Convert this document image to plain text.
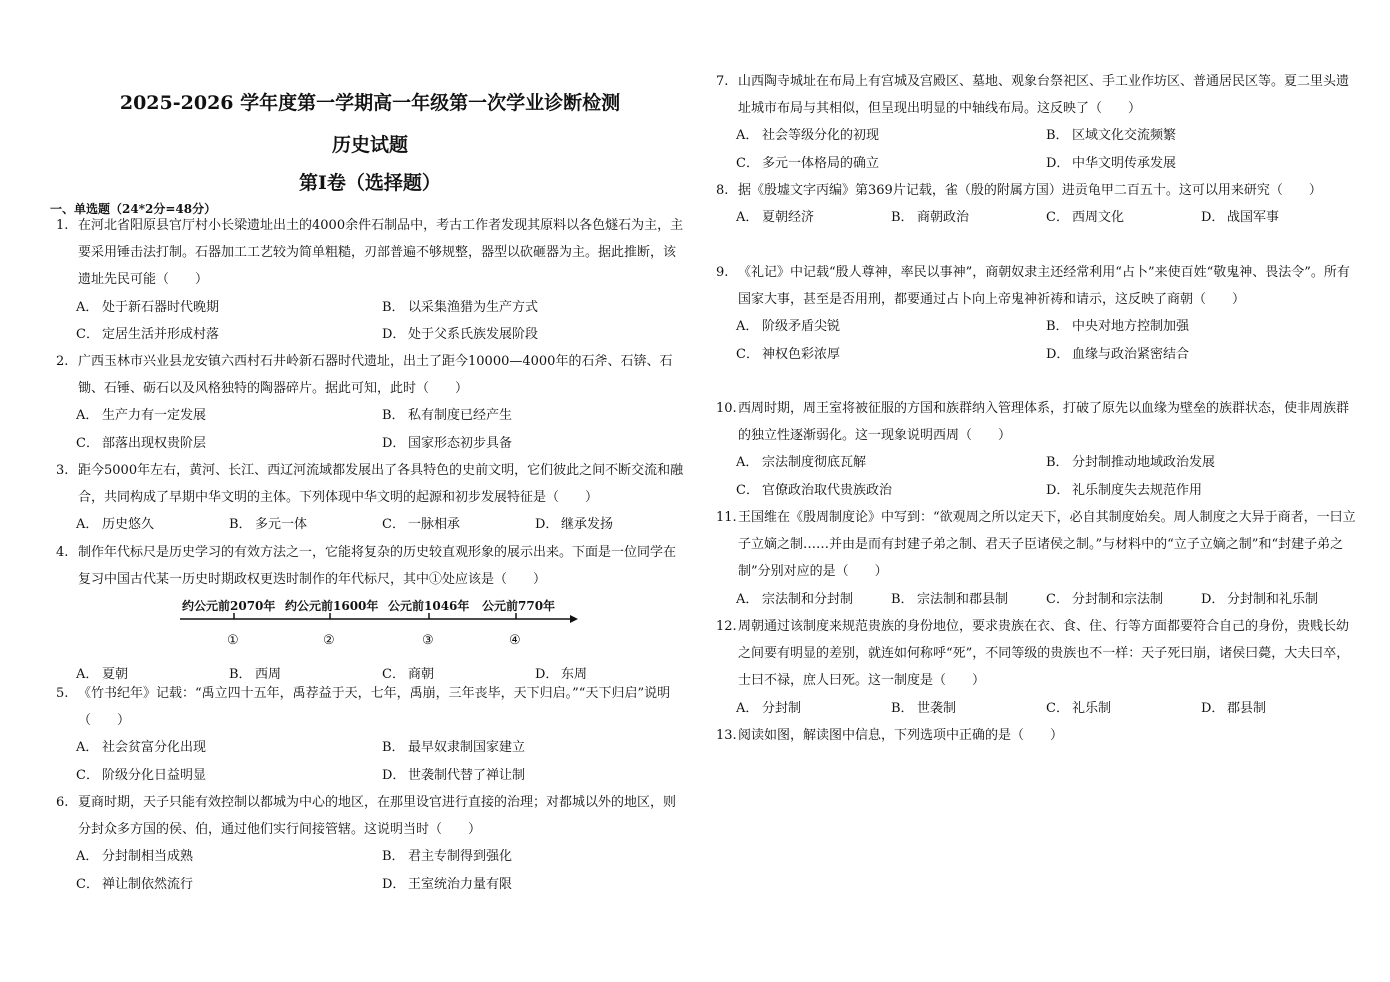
2025-2026 学年度第一学期高一年级第一次学业诊断检测
历史试题
第Ⅰ卷（选择题）
一、单选题（24*2分=48分）
1. 在河北省阳原县官厅村小长梁遗址出土的4000余件石制品中，考古工作者发现其原料以各色燧石为主，主要采用锤击法打制。石器加工工艺较为简单粗糙，刃部普遍不够规整，器型以砍砸器为主。据此推断，该遗址先民可能（　　）
A． 处于新石器时代晚期	B． 以采集渔猎为生产方式
C． 定居生活并形成村落	D． 处于父系氏族发展阶段
2. 广西玉林市兴业县龙安镇六西村石井岭新石器时代遗址，出土了距今10000—4000年的石斧、石锛、石锄、石锤、砺石以及风格独特的陶器碎片。据此可知，此时（　　）
A． 生产力有一定发展	B． 私有制度已经产生
C． 部落出现权贵阶层	D． 国家形态初步具备
3. 距今5000年左右，黄河、长江、西辽河流域都发展出了各具特色的史前文明，它们彼此之间不断交流和融合，共同构成了早期中华文明的主体。下列体现中华文明的起源和初步发展特征是（　　）
A． 历史悠久	B． 多元一体	C． 一脉相承	D． 继承发扬
4. 制作年代标尺是历史学习的有效方法之一，它能将复杂的历史较直观形象的展示出来。下面是一位同学在复习中国古代某一历史时期政权更迭时制作的年代标尺，其中①处应该是（　　）
约公元前2070年 约公元前1600年 公元前1046年 公元前770年
①	②	③	④
A． 夏朝	B． 西周	C． 商朝	D． 东周
5. 《竹书纪年》记载：“禹立四十五年，禹荐益于天，七年，禹崩，三年丧毕，天下归启。”“天下归启”说明（　　）
A． 社会贫富分化出现	B． 最早奴隶制国家建立
C． 阶级分化日益明显	D． 世袭制代替了禅让制
6. 夏商时期，天子只能有效控制以都城为中心的地区，在那里设官进行直接的治理；对都城以外的地区，则分封众多方国的侯、伯，通过他们实行间接管辖。这说明当时（　　）
A． 分封制相当成熟	B． 君主专制得到强化
C． 禅让制依然流行	D． 王室统治力量有限
7. 山西陶寺城址在布局上有宫城及宫殿区、墓地、观象台祭祀区、手工业作坊区、普通居民区等。夏二里头遗址城市布局与其相似，但呈现出明显的中轴线布局。这反映了（　　）
A． 社会等级分化的初现	B． 区域文化交流频繁
C． 多元一体格局的确立	D． 中华文明传承发展
8. 据《殷墟文字丙编》第369片记载，雀（殷的附属方国）进贡龟甲二百五十。这可以用来研究（　　）
A． 夏朝经济	B． 商朝政治	C． 西周文化	D． 战国军事
9. 《礼记》中记载“殷人尊神，率民以事神”，商朝奴隶主还经常利用“占卜”来使百姓“敬鬼神、畏法令”。所有国家大事，甚至是否用刑，都要通过占卜向上帝鬼神祈祷和请示，这反映了商朝（　　）
A． 阶级矛盾尖锐	B． 中央对地方控制加强
C． 神权色彩浓厚	D． 血缘与政治紧密结合
10.西周时期，周王室将被征服的方国和族群纳入管理体系，打破了原先以血缘为壁垒的族群状态，使非周族群的独立性逐渐弱化。这一现象说明西周（　　）
A． 宗法制度彻底瓦解	B． 分封制推动地域政治发展
C． 官僚政治取代贵族政治	D． 礼乐制度失去规范作用
11.王国维在《殷周制度论》中写到：“欲观周之所以定天下，必自其制度始矣。周人制度之大异于商者，一曰立子立嫡之制……并由是而有封建子弟之制、君天子臣诸侯之制。”与材料中的“立子立嫡之制”和“封建子弟之制”分别对应的是（　　）
A． 宗法制和分封制	B． 宗法制和郡县制	C． 分封制和宗法制	D． 分封制和礼乐制
12.周朝通过该制度来规范贵族的身份地位，要求贵族在衣、食、住、行等方面都要符合自己的身份，贵贱长幼之间要有明显的差别，就连如何称呼“死”，不同等级的贵族也不一样：天子死曰崩，诸侯曰薨，大夫曰卒，士曰不禄，庶人曰死。这一制度是（　　）
A． 分封制	B． 世袭制	C． 礼乐制	D． 郡县制
13.阅读如图，解读图中信息，下列选项中正确的是（　　）
